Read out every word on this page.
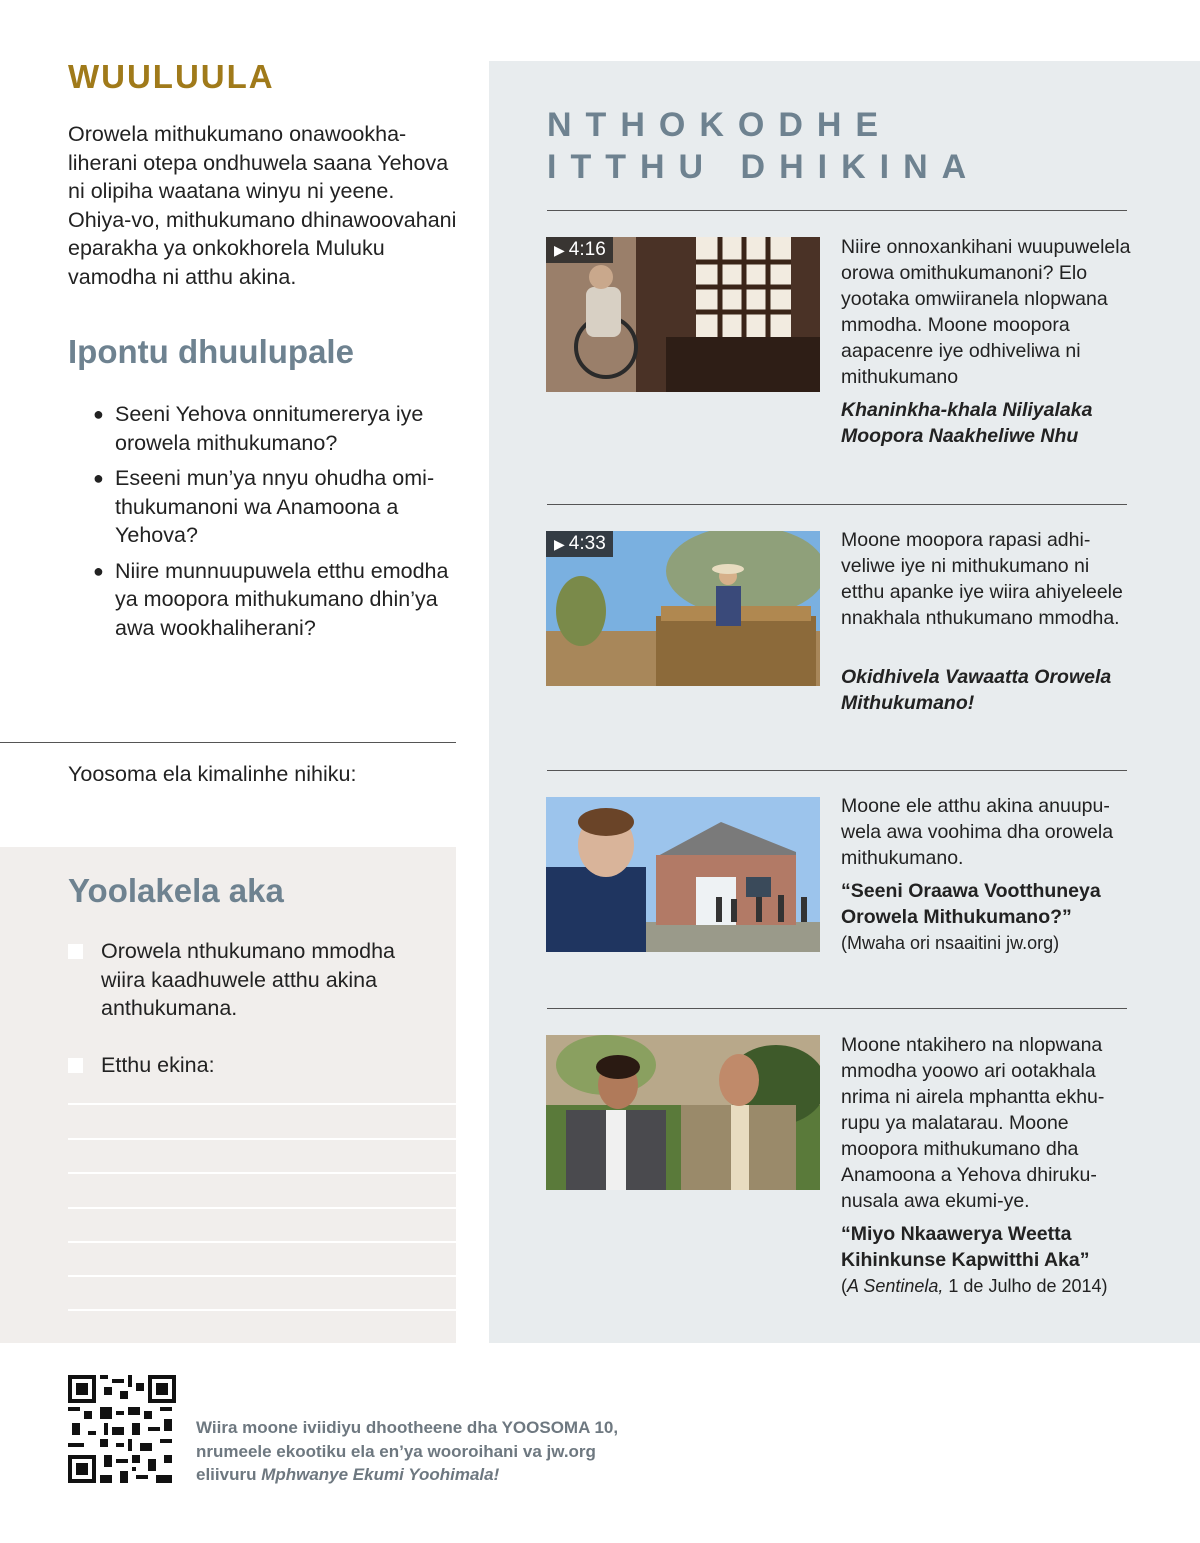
WUULUULA

Orowela mithukumano onawookhaliherani otepa ondhuwela saana Yehova ni olipiha waatana winyu ni yeene. Ohiya-vo, mithukumano dhinawoovahani eparakha ya onkokhorela Muluku vamodha ni atthu akina.

Ipontu dhuulupale
● Seeni Yehova onnitumererya iye orowela mithukumano?
● Eseeni mun’ya nnyu ohudha omithukumanoni wa Anamoona a Yehova?
● Niire munnuupuwela etthu emodha ya moopora mithukumano dhin’ya awa wookhaliherani?

Yoosoma ela kimalinhe nihiku:

Yoolakela aka
Orowela nthukumano mmodha wiira kaadhuwele atthu akina anthukumana.
Etthu ekina:
NTHOKODHE
ITTHU DHIKINA
▶ 4:16	Niire onnoxankihani wuupuwelela orowa omithukumanoni? Elo yootaka omwiiranela nlopwana mmodha. Moone moopora aapacenre iye odhiveliwa ni mithukumano

Khaninkha-khala Niliyalaka Moopora Naakheliwe Nhu

▶ 4:33	Moone moopora rapasi adhiveliwe iye ni mithukumano ni etthu apanke iye wiira ahiyeleele nnakhala nthukumano mmodha.

Okidhivela Vawaatta Orowela Mithukumano!

Moone ele atthu akina anuupuwela awa voohima dha orowela mithukumano.

“Seeni Oraawa Vootthuneya Orowela Mithukumano?”

(Mwaha ori nsaaitini jw.org)

Moone ntakihero na nlopwana mmodha yoowo ari ootakhala nrima ni airela mphantta ekhurupu ya malatarau. Moone moopora mithukumano dha Anamoona a Yehova dhirukunusala awa ekumi-ye.

“Miyo Nkaawerya Weetta Kihinkunse Kapwitthi Aka”

(A Sentinela, 1 de Julho de 2014)

Wiira moone iviidiyu dhootheene dha YOOSOMA 10,
nrumeele ekootiku ela en’ya wooroihani va jw.org
eliivuru Mphwanye Ekumi Yoohimala!
